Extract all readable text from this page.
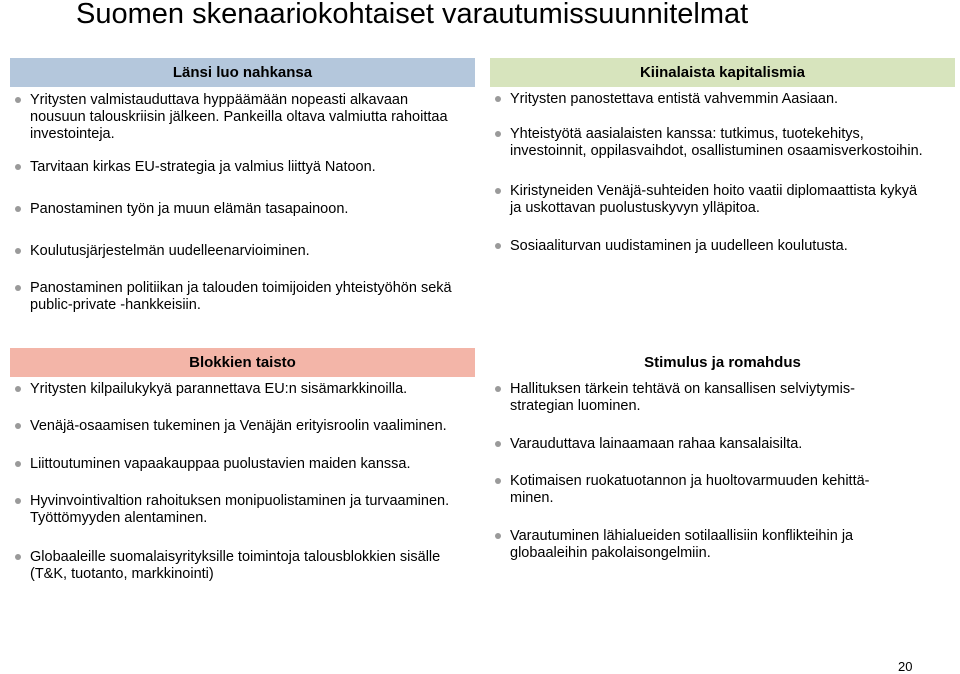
Suomen skenaariokohtaiset varautumissuunnitelmat
Länsi luo nahkansa
Yritysten valmistauduttava hyppäämään nopeasti alkavaan nousuun talouskriisin jälkeen. Pankeilla oltava valmiutta rahoittaa investointeja.
Tarvitaan kirkas EU-strategia ja valmius liittyä Natoon.
Panostaminen työn ja muun elämän tasapainoon.
Koulutusjärjestelmän uudelleenarvioiminen.
Panostaminen politiikan ja talouden toimijoiden yhteistyöhön sekä public-private -hankkeisiin.
Kiinalaista kapitalismia
Yritysten panostettava entistä vahvemmin Aasiaan.
Yhteistyötä aasialaisten kanssa: tutkimus, tuotekehitys, investoinnit, oppilasvaihdot, osallistuminen osaamisverkostoihin.
Kiristyneiden Venäjä-suhteiden hoito vaatii diplomaattista kykyä ja uskottavan puolustuskyvyn ylläpitoa.
Sosiaaliturvan uudistaminen ja uudelleen koulutusta.
Blokkien taisto
Yritysten kilpailukykyä parannettava EU:n sisämarkkinoilla.
Venäjä-osaamisen tukeminen ja Venäjän erityisroolin vaaliminen.
Liittoutuminen vapaakauppaa puolustavien maiden kanssa.
Hyvinvointivaltion rahoituksen monipuolistaminen ja turvaaminen. Työttömyyden alentaminen.
Globaaleille suomalaisyrityksille toimintoja talousblokkien sisälle (T&K, tuotanto, markkinointi)
Stimulus ja romahdus
Hallituksen tärkein tehtävä on kansallisen selviytymis-strategian luominen.
Varauduttava lainaamaan rahaa kansalaisilta.
Kotimaisen ruokatuotannon ja huoltovarmuuden kehittä-minen.
Varautuminen lähialueiden sotilaallisiin konflikteihin ja globaaleihin pakolaisongelmiin.
20
